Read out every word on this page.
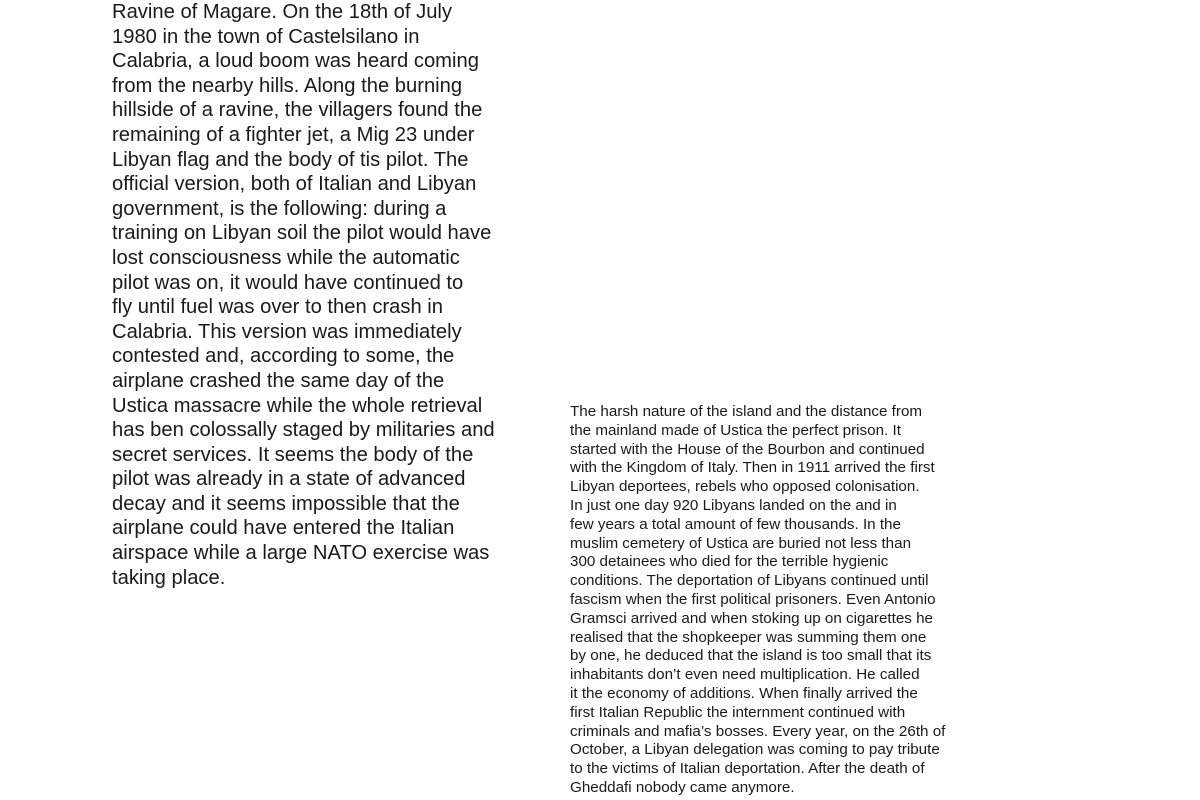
Ravine of Magare. On the 18th of July
1980 in the town of Castelsilano in
Calabria, a loud boom was heard coming
from the nearby hills. Along the burning
hillside of a ravine, the villagers found the
remaining of a fighter jet, a Mig 23 under
Libyan flag and the body of tis pilot. The
official version, both of Italian and Libyan
government, is the following: during a
training on Libyan soil the pilot would have
lost consciousness while the automatic
pilot was on, it would have continued to
fly until fuel was over to then crash in
Calabria. This version was immediately
contested and, according to some, the
airplane crashed the same day of the
Ustica massacre while the whole retrieval
has ben colossally staged by militaries and
secret services. It seems the body of the
pilot was already in a state of advanced
decay and it seems impossible that the
airplane could have entered the Italian
airspace while a large NATO exercise was
taking place.
The harsh nature of the island and the distance from
the mainland made of Ustica the perfect prison. It
started with the House of the Bourbon and continued
with the Kingdom of Italy. Then in 1911 arrived the first
Libyan deportees, rebels who opposed colonisation.
In just one day 920 Libyans landed on the and in
few years a total amount of few thousands. In the
muslim cemetery of Ustica are buried not less than
300 detainees who died for the terrible hygienic
conditions. The deportation of Libyans continued until
fascism when the first political prisoners. Even Antonio
Gramsci arrived and when stoking up on cigarettes he
realised that the shopkeeper was summing them one
by one, he deduced that the island is too small that its
inhabitants don’t even need multiplication. He called
it the economy of additions. When finally arrived the
first Italian Republic the internment continued with
criminals and mafia’s bosses. Every year, on the 26th of
October, a Libyan delegation was coming to pay tribute
to the victims of Italian deportation. After the death of
Gheddafi nobody came anymore.
